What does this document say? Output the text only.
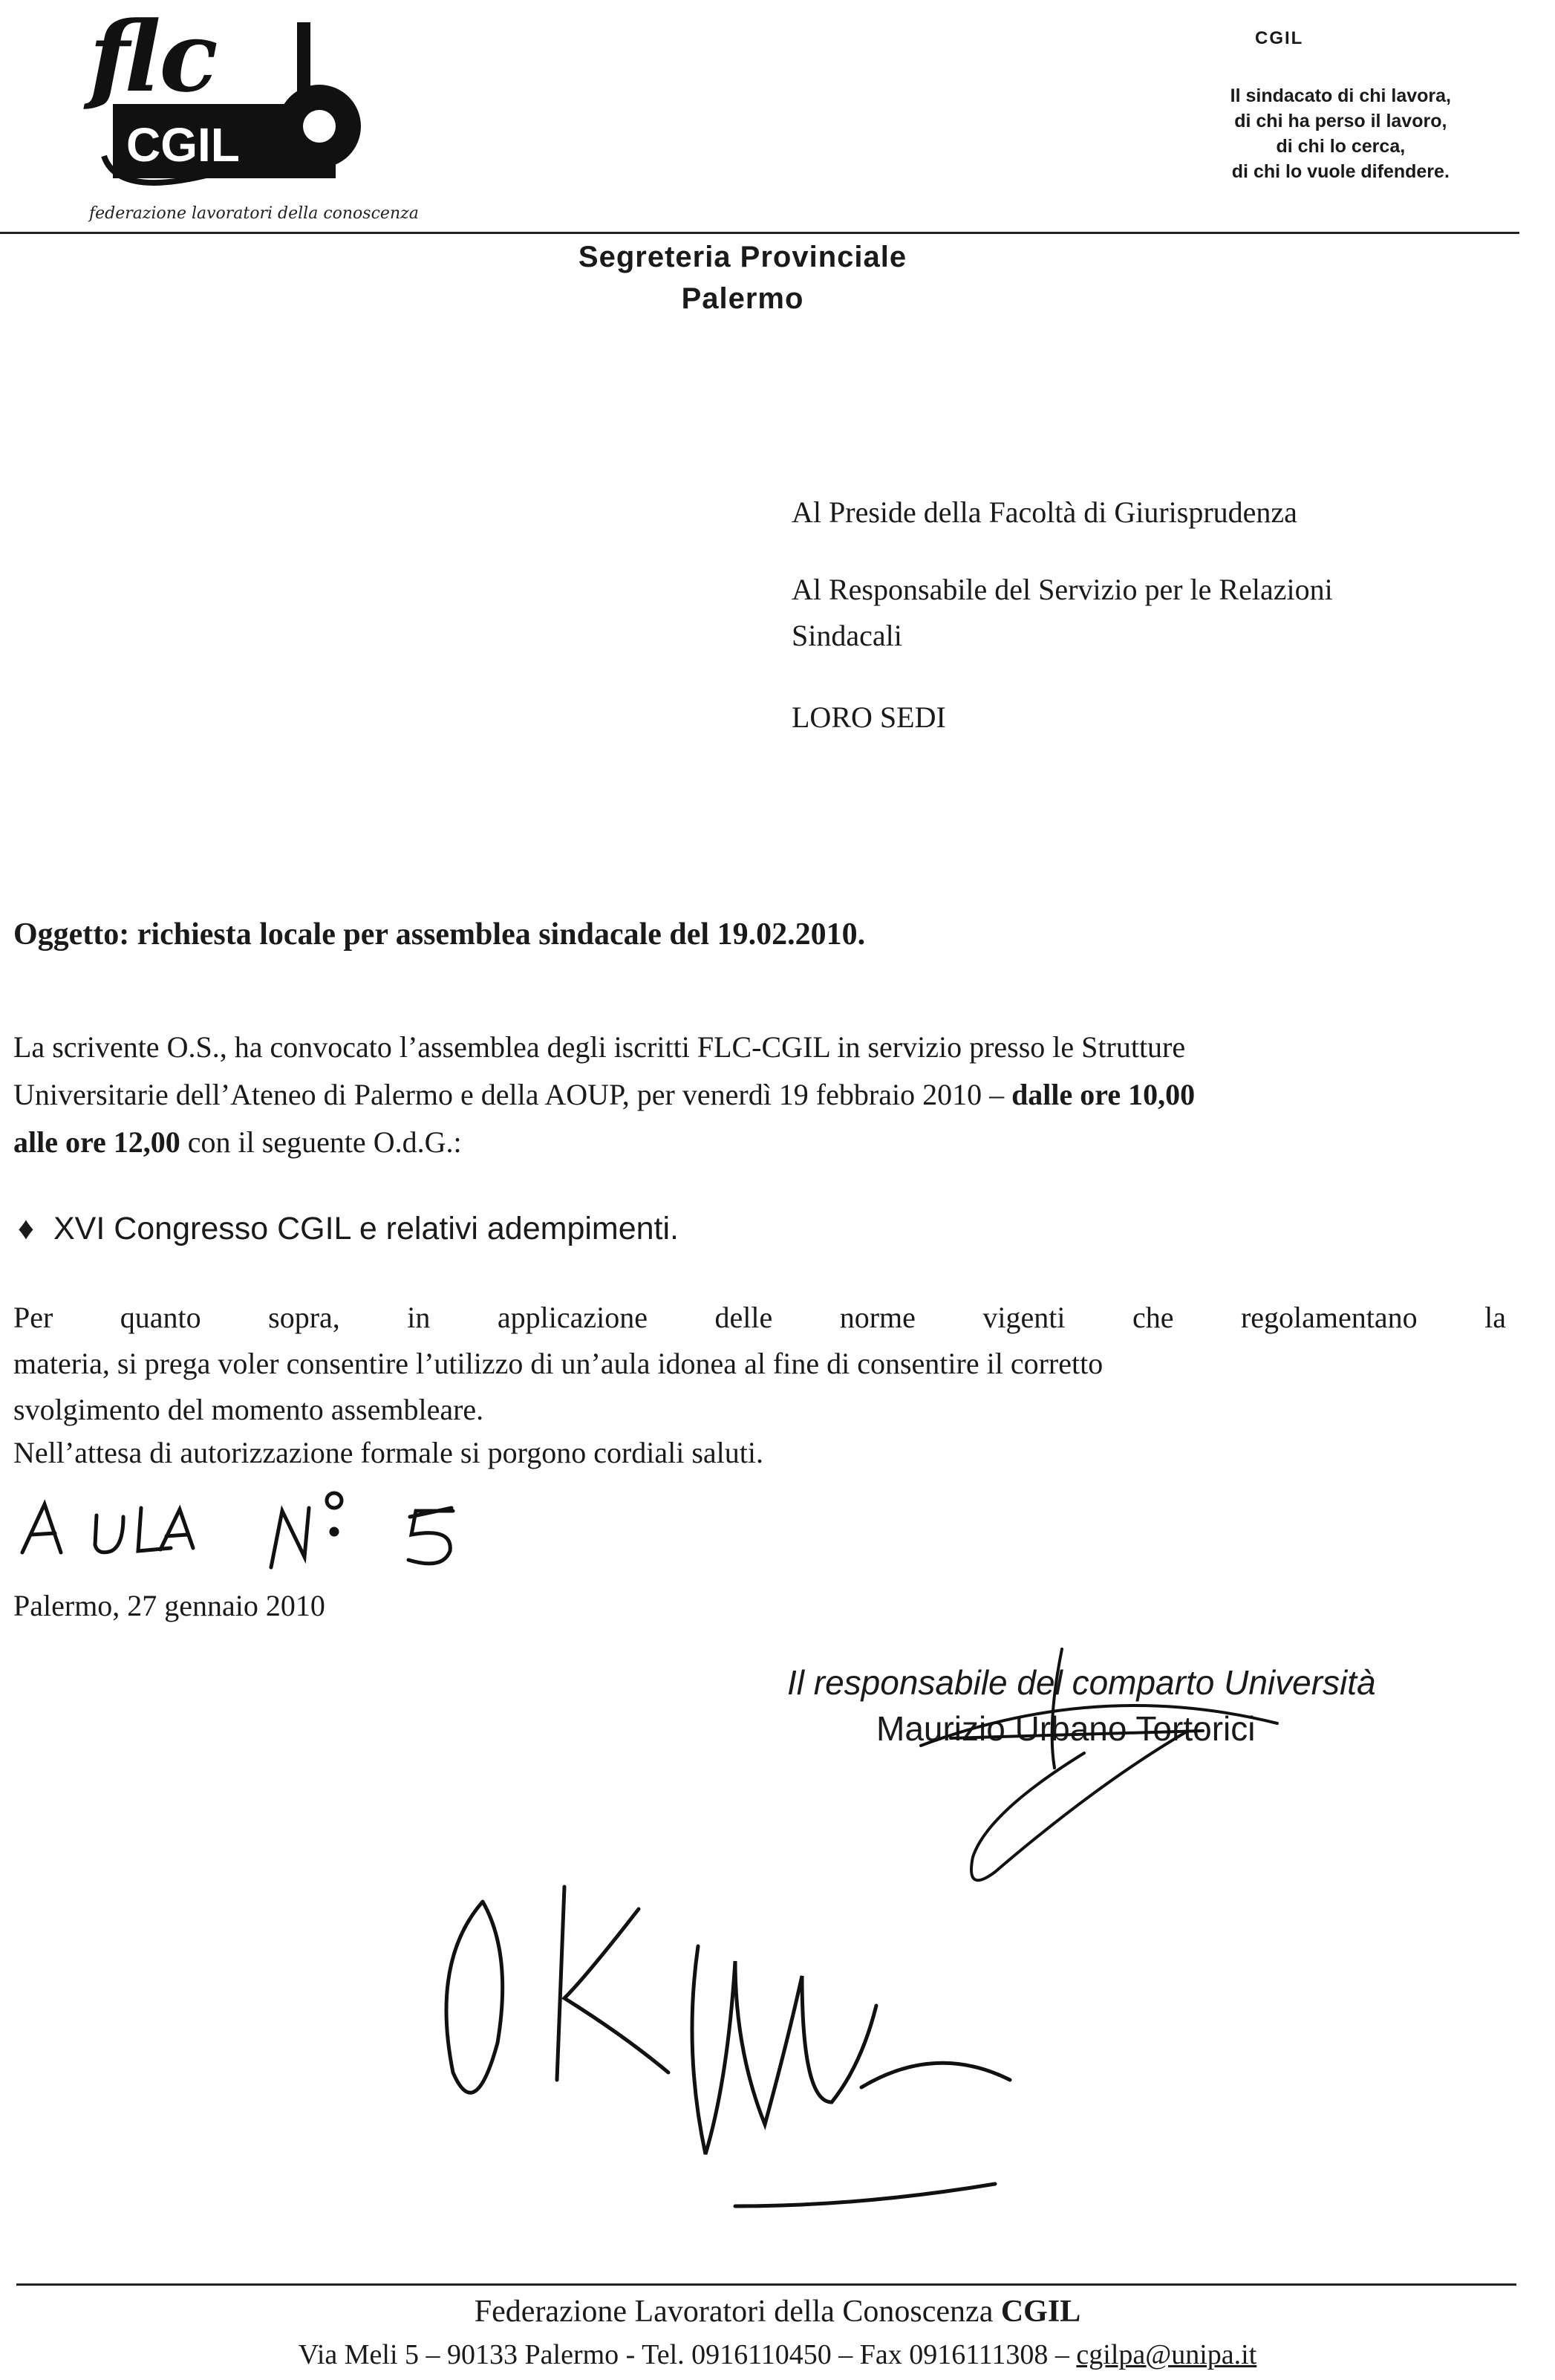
flc
CGIL
federazione lavoratori della conoscenza
CGIL
Il sindacato di chi lavora,
di chi ha perso il lavoro,
di chi lo cerca,
di chi lo vuole difendere.
Segreteria Provinciale
Palermo
Al Preside della Facoltà di Giurisprudenza
Al Responsabile del Servizio per le Relazioni
Sindacali
LORO SEDI
Oggetto: richiesta locale per assemblea sindacale del 19.02.2010.
La scrivente O.S., ha convocato l’assemblea degli iscritti FLC-CGIL in servizio presso le Strutture
Universitarie dell’Ateneo di Palermo e della AOUP, per venerdì 19 febbraio 2010 – dalle ore 10,00
alle ore 12,00 con il seguente O.d.G.:
♦ XVI Congresso CGIL e relativi adempimenti.
Per quanto sopra, in applicazione delle norme vigenti che regolamentano la
materia, si prega voler consentire l’utilizzo di un’aula idonea al fine di consentire il corretto
svolgimento del momento assembleare.
Nell’attesa di autorizzazione formale si porgono cordiali saluti.
Palermo, 27 gennaio 2010
Il responsabile del comparto Università
Maurizio Urbano Tortorici
Federazione Lavoratori della Conoscenza CGIL
Via Meli 5 – 90133 Palermo - Tel. 0916110450 – Fax 0916111308 – cgilpa@unipa.it
